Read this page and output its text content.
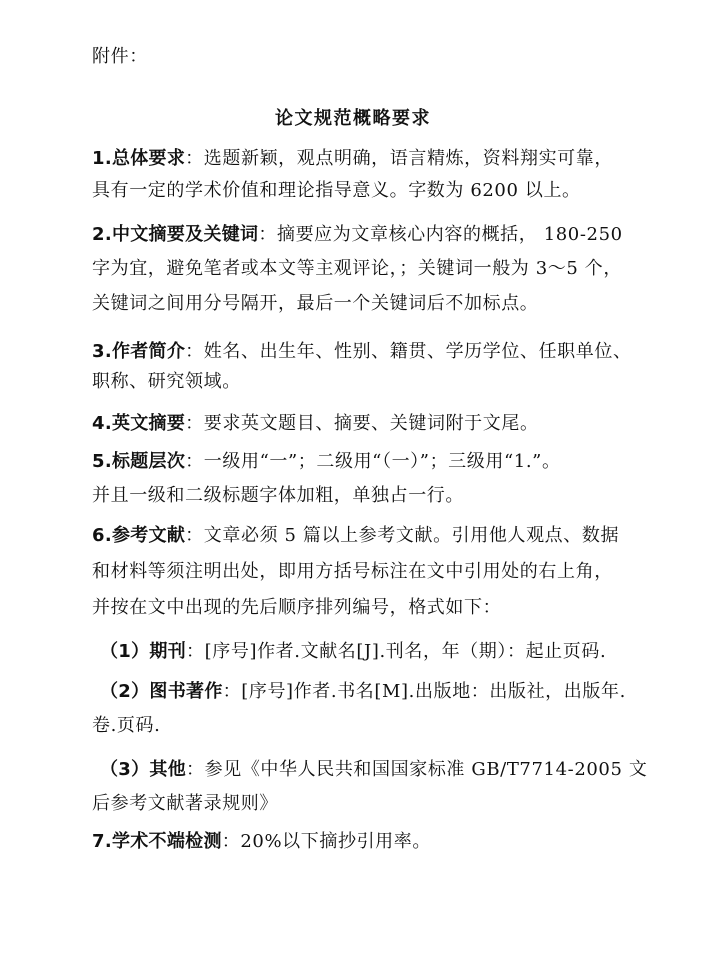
附件：
论文规范概略要求
1.总体要求：选题新颖，观点明确，语言精炼，资料翔实可靠，
具有一定的学术价值和理论指导意义。字数为 6200 以上。
2.中文摘要及关键词：摘要应为文章核心内容的概括， 180-250
字为宜，避免笔者或本文等主观评论，；关键词一般为 3～5 个，
关键词之间用分号隔开，最后一个关键词后不加标点。
3.作者简介：姓名、出生年、性别、籍贯、学历学位、任职单位、
职称、研究领域。
4.英文摘要：要求英文题目、摘要、关键词附于文尾。
5.标题层次：一级用“一”；二级用“（一）”；三级用“1.”。
并且一级和二级标题字体加粗，单独占一行。
6.参考文献：文章必须 5 篇以上参考文献。引用他人观点、数据
和材料等须注明出处，即用方括号标注在文中引用处的右上角，
并按在文中出现的先后顺序排列编号，格式如下：
（1）期刊：[序号]作者.文献名[J].刊名，年（期）：起止页码.
（2）图书著作：[序号]作者.书名[M].出版地：出版社，出版年.
卷.页码.
（3）其他：参见《中华人民共和国国家标准 GB/T7714-2005 文
后参考文献著录规则》
7.学术不端检测：20%以下摘抄引用率。
